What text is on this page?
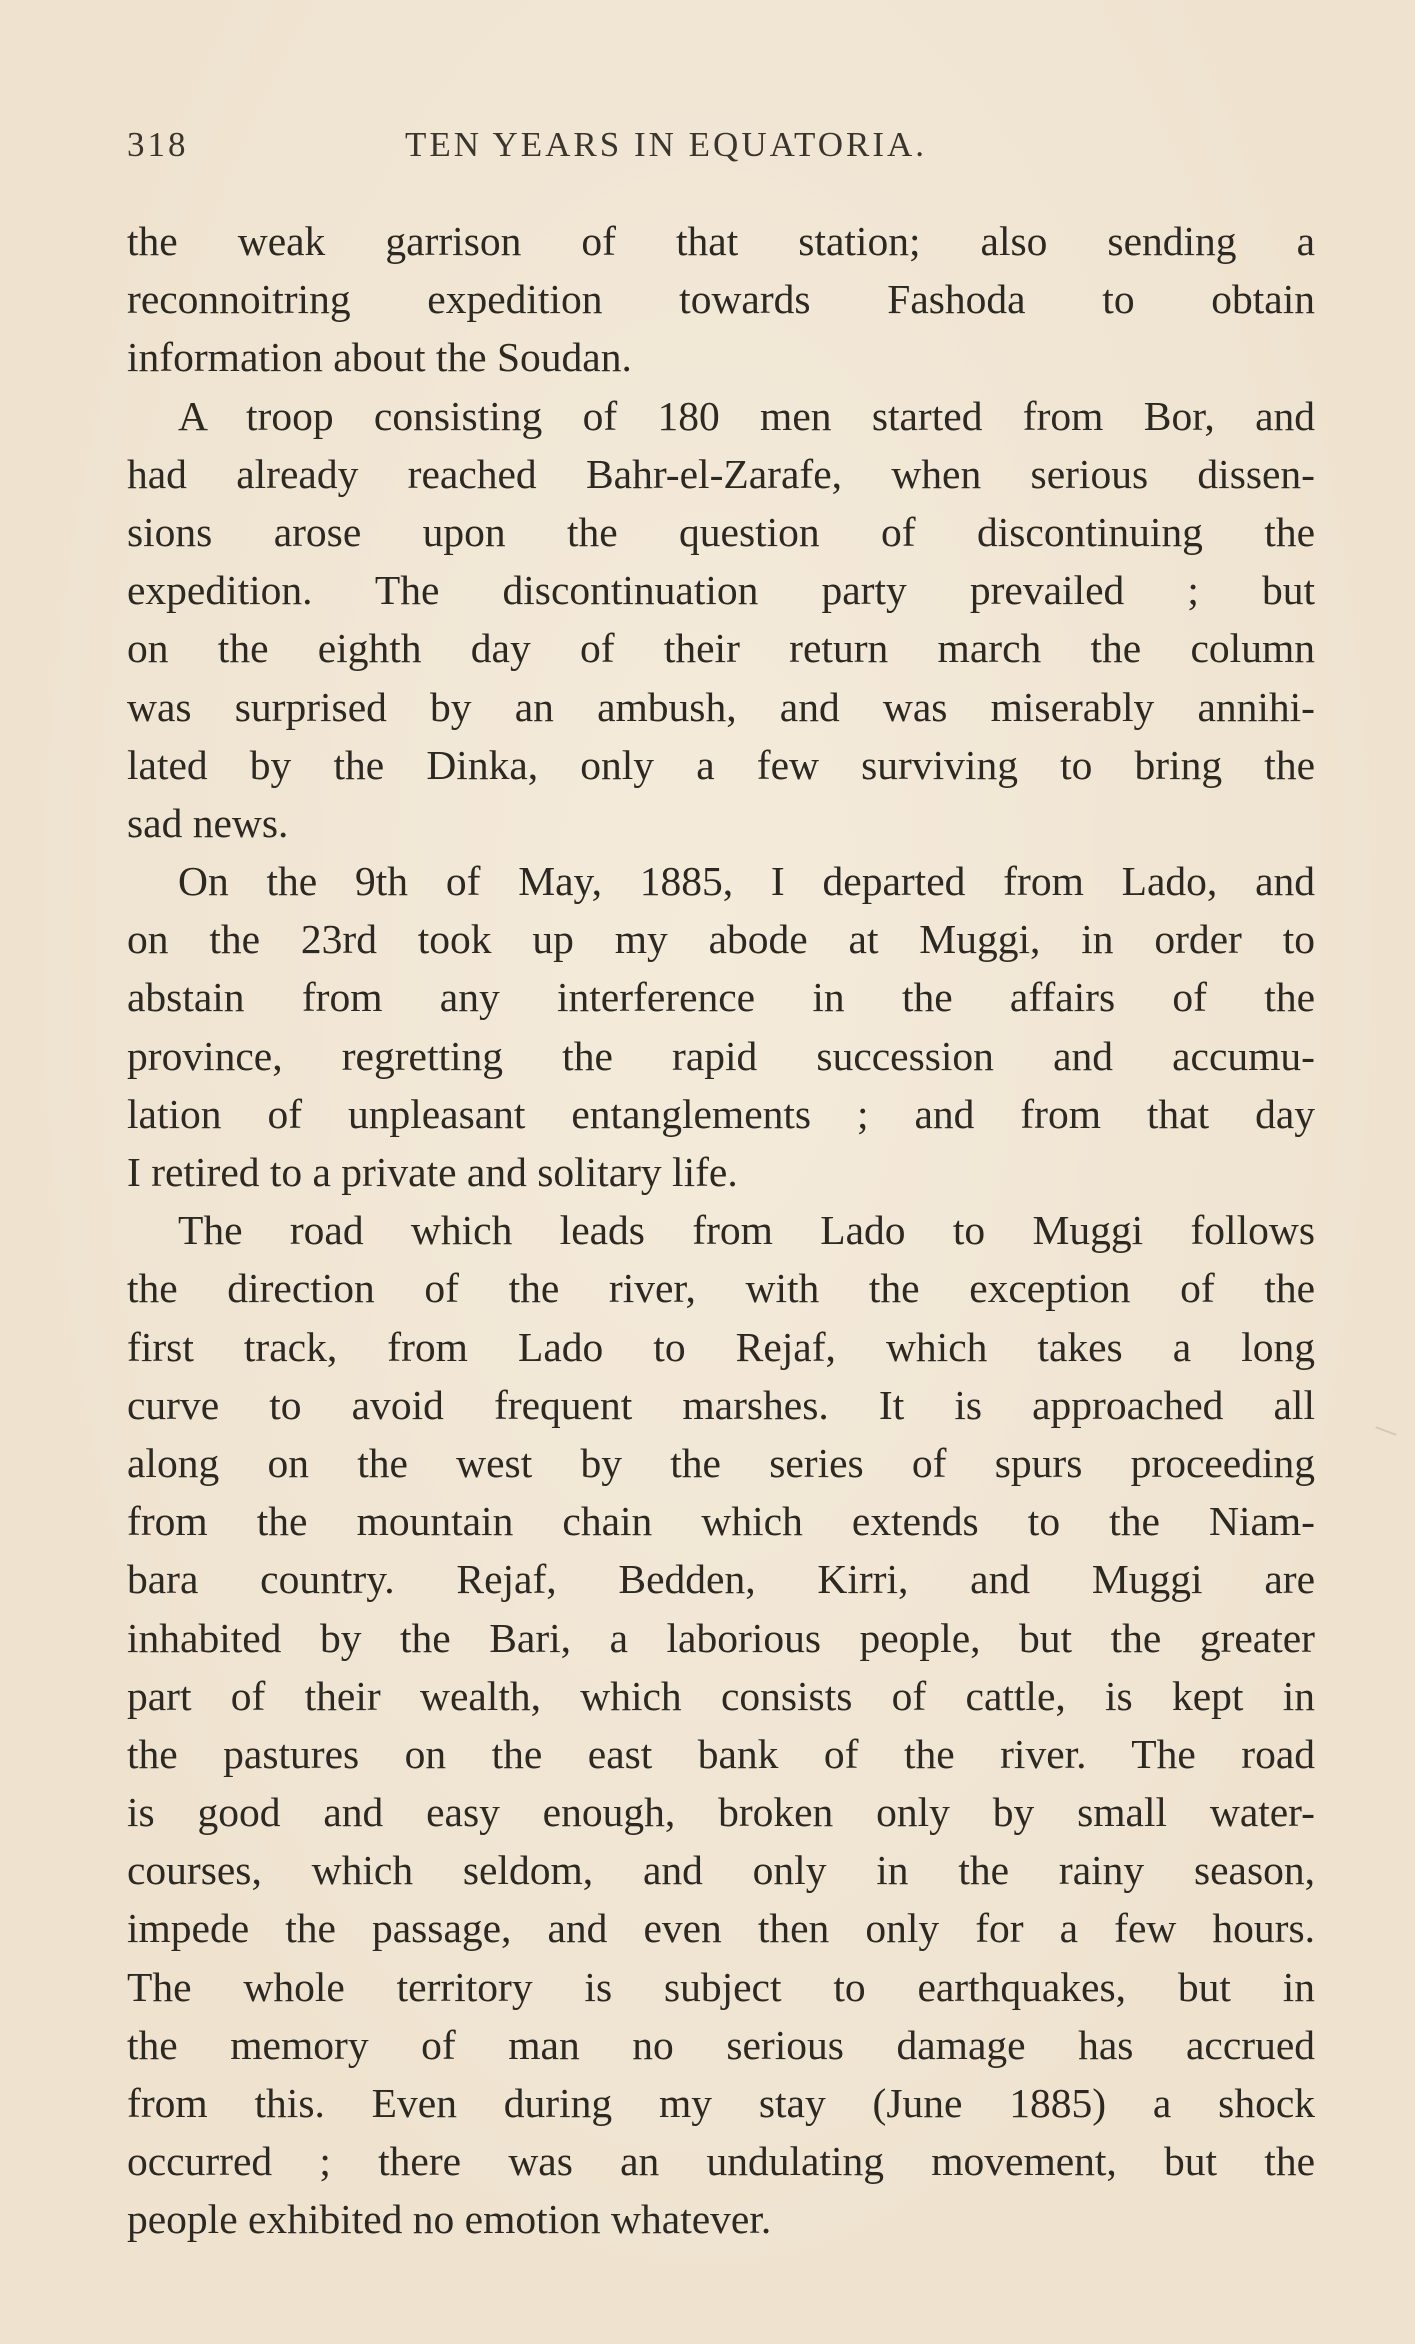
318	TEN YEARS IN EQUATORIA.
the weak garrison of that station; also sending a
reconnoitring expedition towards Fashoda to obtain
information about the Soudan.
A troop consisting of 180 men started from Bor, and
had already reached Bahr-el-Zarafe, when serious dissen-
sions arose upon the question of discontinuing the
expedition. The discontinuation party prevailed ; but
on the eighth day of their return march the column
was surprised by an ambush, and was miserably annihi-
lated by the Dinka, only a few surviving to bring the
sad news.
On the 9th of May, 1885, I departed from Lado, and
on the 23rd took up my abode at Muggi, in order to
abstain from any interference in the affairs of the
province, regretting the rapid succession and accumu-
lation of unpleasant entanglements ; and from that day
I retired to a private and solitary life.
The road which leads from Lado to Muggi follows
the direction of the river, with the exception of the
first track, from Lado to Rejaf, which takes a long
curve to avoid frequent marshes. It is approached all
along on the west by the series of spurs proceeding
from the mountain chain which extends to the Niam-
bara country. Rejaf, Bedden, Kirri, and Muggi are
inhabited by the Bari, a laborious people, but the greater
part of their wealth, which consists of cattle, is kept in
the pastures on the east bank of the river. The road
is good and easy enough, broken only by small water-
courses, which seldom, and only in the rainy season,
impede the passage, and even then only for a few hours.
The whole territory is subject to earthquakes, but in
the memory of man no serious damage has accrued
from this. Even during my stay (June 1885) a shock
occurred ; there was an undulating movement, but the
people exhibited no emotion whatever.
